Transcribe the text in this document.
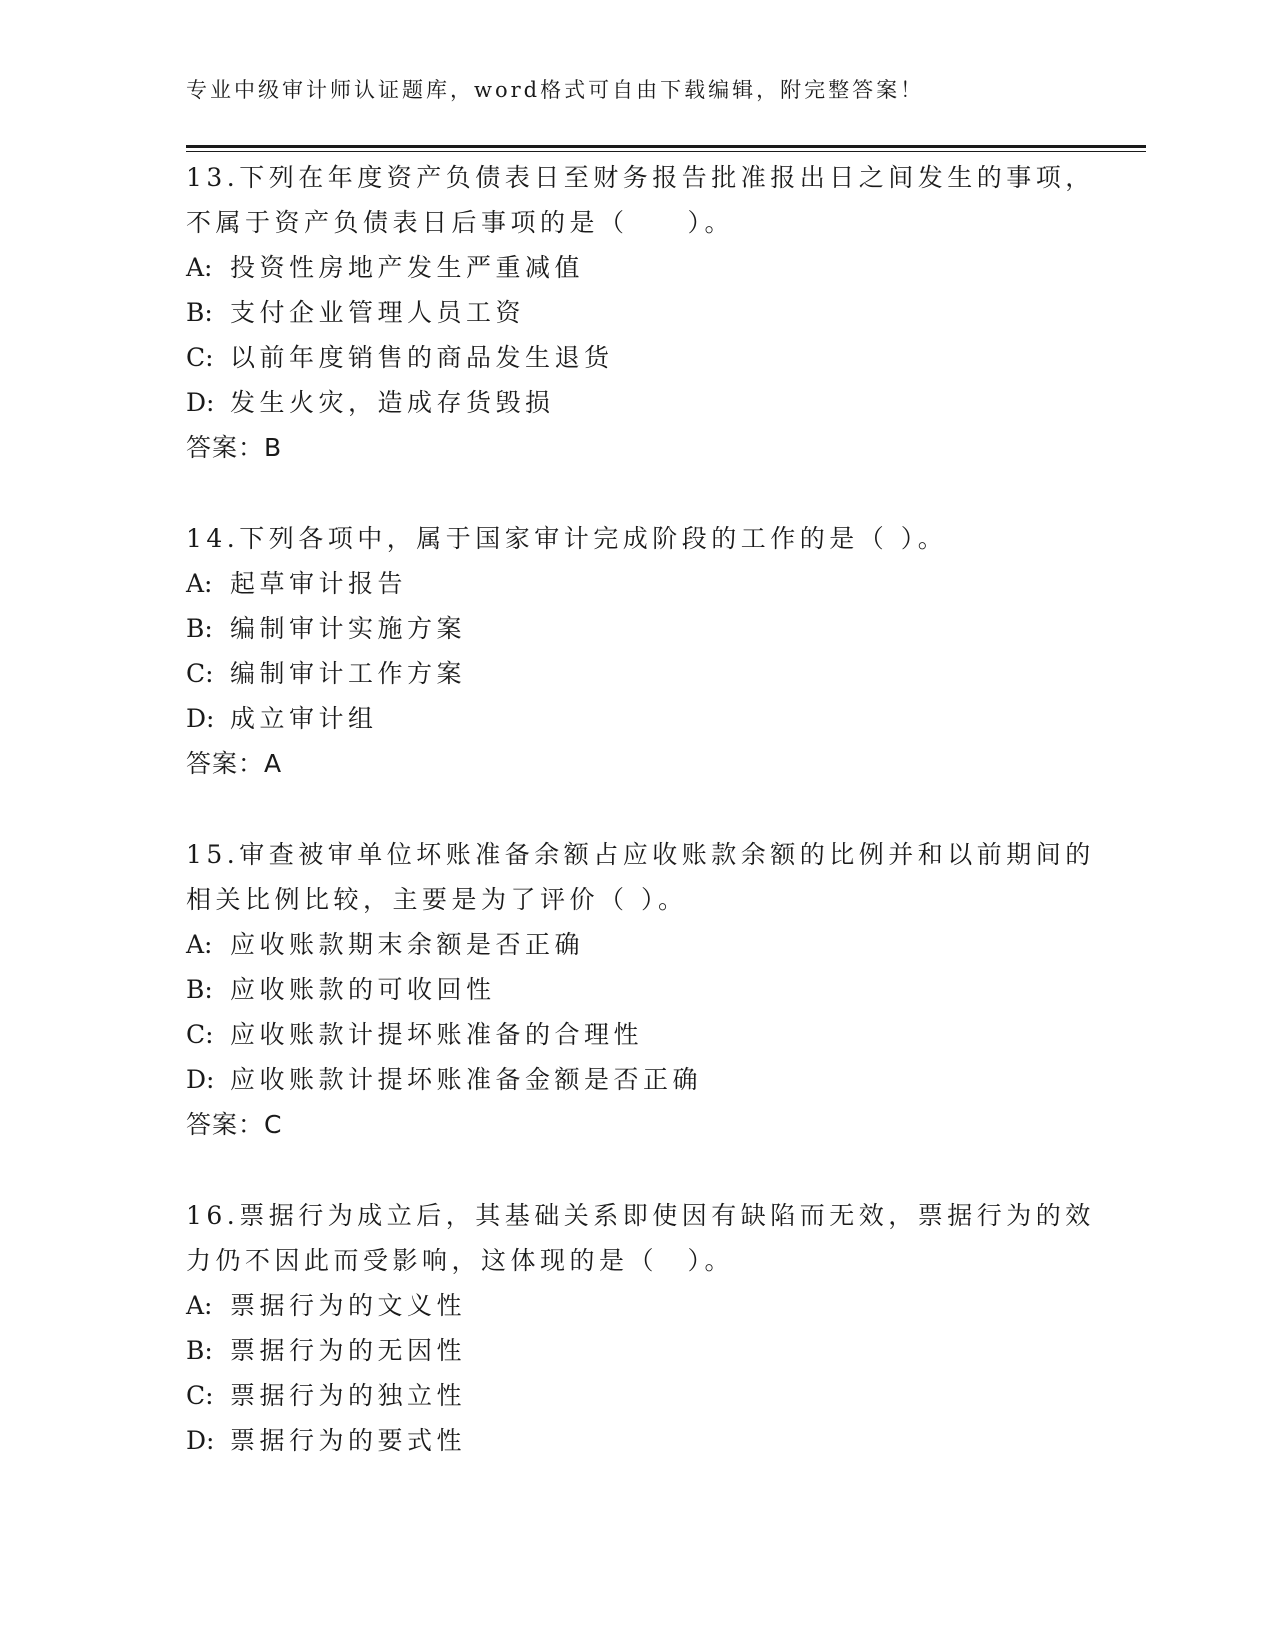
专业中级审计师认证题库，word格式可自由下载编辑，附完整答案！
13.下列在年度资产负债表日至财务报告批准报出日之间发生的事项，
不属于资产负债表日后事项的是（　　）。
A: 投资性房地产发生严重减值
B: 支付企业管理人员工资
C: 以前年度销售的商品发生退货
D: 发生火灾，造成存货毁损
答案：B
14.下列各项中，属于国家审计完成阶段的工作的是（ ）。
A: 起草审计报告
B: 编制审计实施方案
C: 编制审计工作方案
D: 成立审计组
答案：A
15.审查被审单位坏账准备余额占应收账款余额的比例并和以前期间的
相关比例比较，主要是为了评价（ ）。
A: 应收账款期末余额是否正确
B: 应收账款的可收回性
C: 应收账款计提坏账准备的合理性
D: 应收账款计提坏账准备金额是否正确
答案：C
16.票据行为成立后，其基础关系即使因有缺陷而无效，票据行为的效
力仍不因此而受影响，这体现的是（　）。
A: 票据行为的文义性
B: 票据行为的无因性
C: 票据行为的独立性
D: 票据行为的要式性
